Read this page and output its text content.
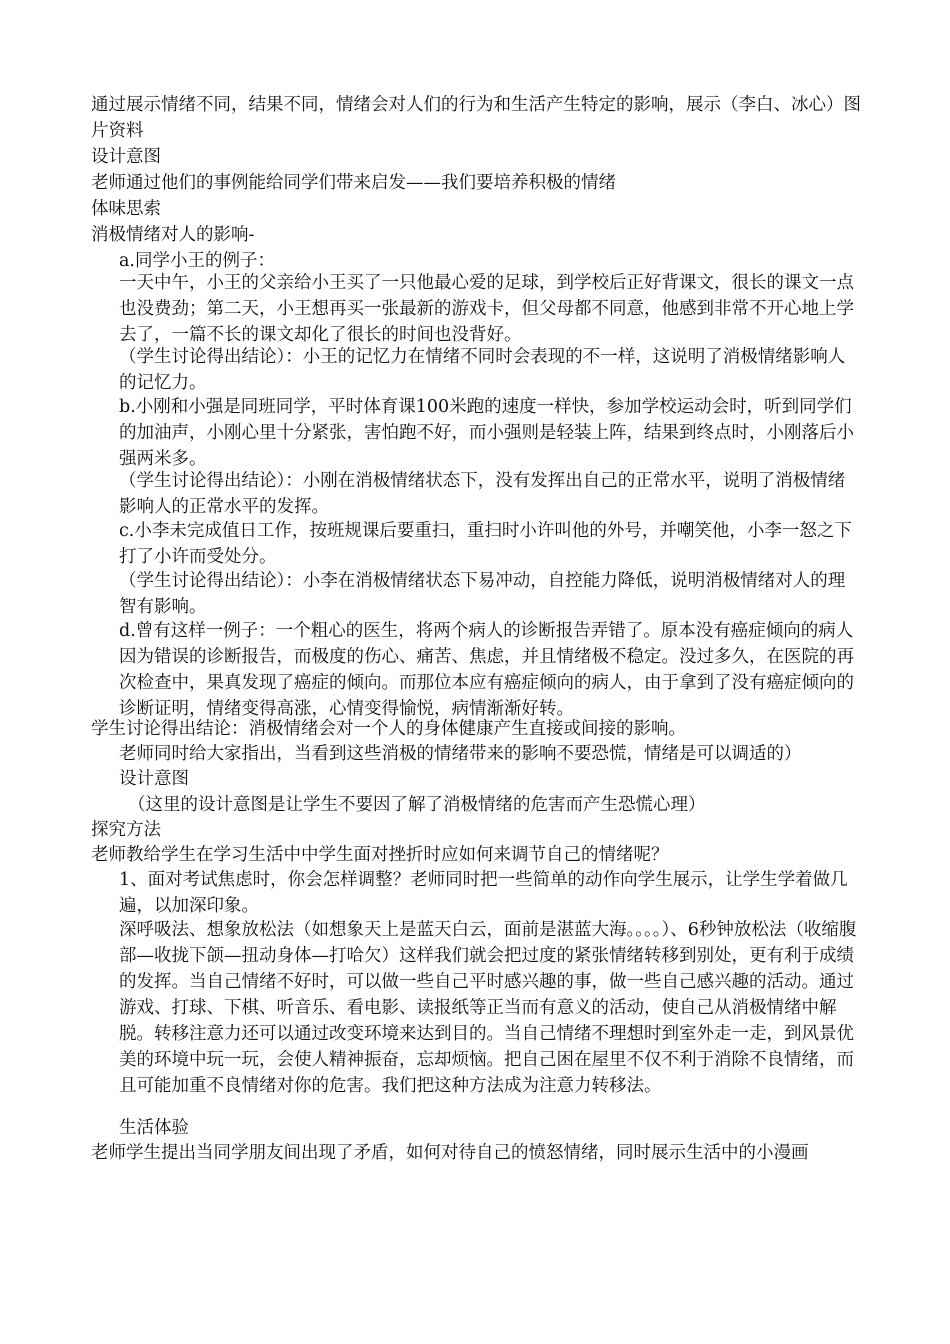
通过展示情绪不同，结果不同，情绪会对人们的行为和生活产生特定的影响，展示（李白、冰心）图片资料

设计意图

老师通过他们的事例能给同学们带来启发——我们要培养积极的情绪

体味思索

消极情绪对人的影响-

a.同学小王的例子：

一天中午，小王的父亲给小王买了一只他最心爱的足球，到学校后正好背课文，很长的课文一点也没费劲；第二天，小王想再买一张最新的游戏卡，但父母都不同意，他感到非常不开心地上学去了，一篇不长的课文却化了很长的时间也没背好。

（学生讨论得出结论）：小王的记忆力在情绪不同时会表现的不一样，这说明了消极情绪影响人的记忆力。

b.小刚和小强是同班同学，平时体育课100米跑的速度一样快，参加学校运动会时，听到同学们的加油声，小刚心里十分紧张，害怕跑不好，而小强则是轻装上阵，结果到终点时，小刚落后小强两米多。

（学生讨论得出结论）：小刚在消极情绪状态下，没有发挥出自己的正常水平，说明了消极情绪影响人的正常水平的发挥。

c.小李未完成值日工作，按班规课后要重扫，重扫时小许叫他的外号，并嘲笑他，小李一怒之下打了小许而受处分。

（学生讨论得出结论）：小李在消极情绪状态下易冲动，自控能力降低，说明消极情绪对人的理智有影响。

d.曾有这样一例子：一个粗心的医生，将两个病人的诊断报告弄错了。原本没有癌症倾向的病人因为错误的诊断报告，而极度的伤心、痛苦、焦虑，并且情绪极不稳定。没过多久，在医院的再次检查中，果真发现了癌症的倾向。而那位本应有癌症倾向的病人，由于拿到了没有癌症倾向的诊断证明，情绪变得高涨，心情变得愉悦，病情渐渐好转。

学生讨论得出结论：消极情绪会对一个人的身体健康产生直接或间接的影响。

老师同时给大家指出，当看到这些消极的情绪带来的影响不要恐慌，情绪是可以调适的）

设计意图

（这里的设计意图是让学生不要因了解了消极情绪的危害而产生恐慌心理）

探究方法

老师教给学生在学习生活中中学生面对挫折时应如何来调节自己的情绪呢？

1、面对考试焦虑时，你会怎样调整？老师同时把一些简单的动作向学生展示，让学生学着做几遍，以加深印象。

深呼吸法、想象放松法（如想象天上是蓝天白云，面前是湛蓝大海。。。。）、6秒钟放松法（收缩腹部—收拢下颌—扭动身体—打哈欠）这样我们就会把过度的紧张情绪转移到别处，更有利于成绩的发挥。当自己情绪不好时，可以做一些自己平时感兴趣的事，做一些自己感兴趣的活动。通过游戏、打球、下棋、听音乐、看电影、读报纸等正当而有意义的活动，使自己从消极情绪中解脱。转移注意力还可以通过改变环境来达到目的。当自己情绪不理想时到室外走一走，到风景优美的环境中玩一玩，会使人精神振奋，忘却烦恼。把自己困在屋里不仅不利于消除不良情绪，而且可能加重不良情绪对你的危害。我们把这种方法成为注意力转移法。

生活体验

老师学生提出当同学朋友间出现了矛盾，如何对待自己的愤怒情绪，同时展示生活中的小漫画
